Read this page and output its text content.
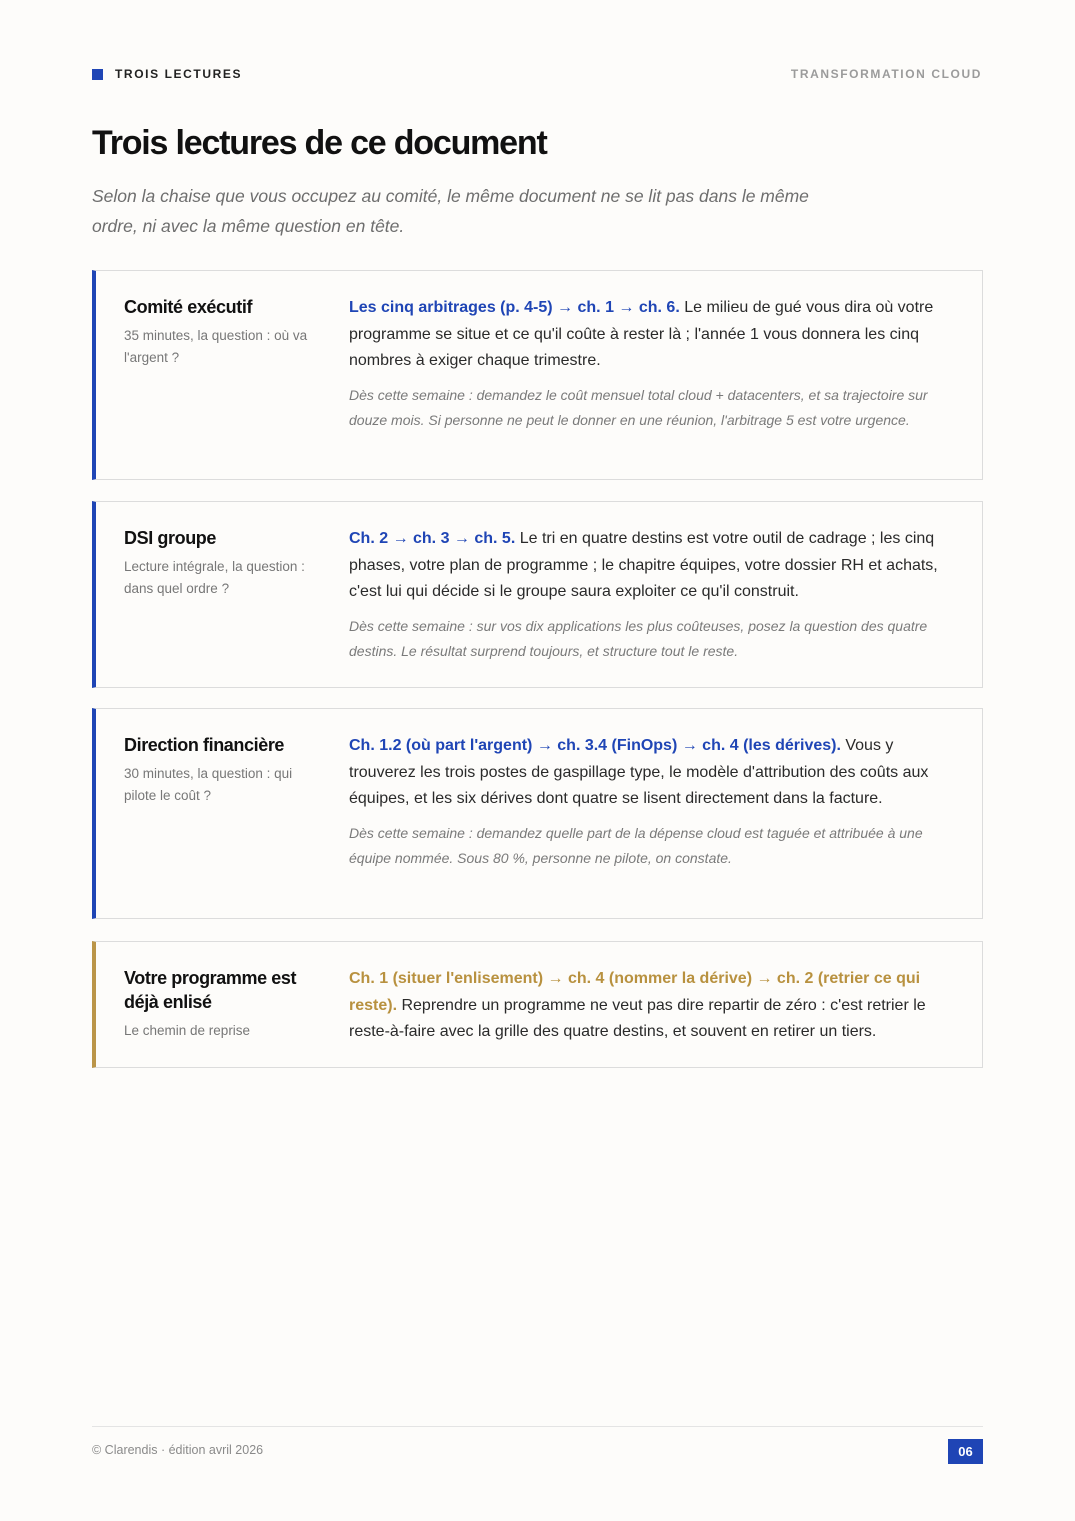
TROIS LECTURES	TRANSFORMATION CLOUD
Trois lectures de ce document

Selon la chaise que vous occupez au comité, le même document ne se lit pas dans le même ordre, ni avec la même question en tête.

Comité exécutif
35 minutes, la question : où va l'argent ?

Les cinq arbitrages (p. 4-5) → ch. 1 → ch. 6. Le milieu de gué vous dira où votre programme se situe et ce qu'il coûte à rester là ; l'année 1 vous donnera les cinq nombres à exiger chaque trimestre.

Dès cette semaine : demandez le coût mensuel total cloud + datacenters, et sa trajectoire sur douze mois. Si personne ne peut le donner en une réunion, l'arbitrage 5 est votre urgence.

DSI groupe
Lecture intégrale, la question : dans quel ordre ?

Ch. 2 → ch. 3 → ch. 5. Le tri en quatre destins est votre outil de cadrage ; les cinq phases, votre plan de programme ; le chapitre équipes, votre dossier RH et achats, c'est lui qui décide si le groupe saura exploiter ce qu'il construit.

Dès cette semaine : sur vos dix applications les plus coûteuses, posez la question des quatre destins. Le résultat surprend toujours, et structure tout le reste.

Direction financière
30 minutes, la question : qui pilote le coût ?

Ch. 1.2 (où part l'argent) → ch. 3.4 (FinOps) → ch. 4 (les dérives). Vous y trouverez les trois postes de gaspillage type, le modèle d'attribution des coûts aux équipes, et les six dérives dont quatre se lisent directement dans la facture.

Dès cette semaine : demandez quelle part de la dépense cloud est taguée et attribuée à une équipe nommée. Sous 80 %, personne ne pilote, on constate.

Votre programme est déjà enlisé
Le chemin de reprise

Ch. 1 (situer l'enlisement) → ch. 4 (nommer la dérive) → ch. 2 (retrier ce qui reste). Reprendre un programme ne veut pas dire repartir de zéro : c'est retrier le reste-à-faire avec la grille des quatre destins, et souvent en retirer un tiers.

© Clarendis · édition avril 2026	06
